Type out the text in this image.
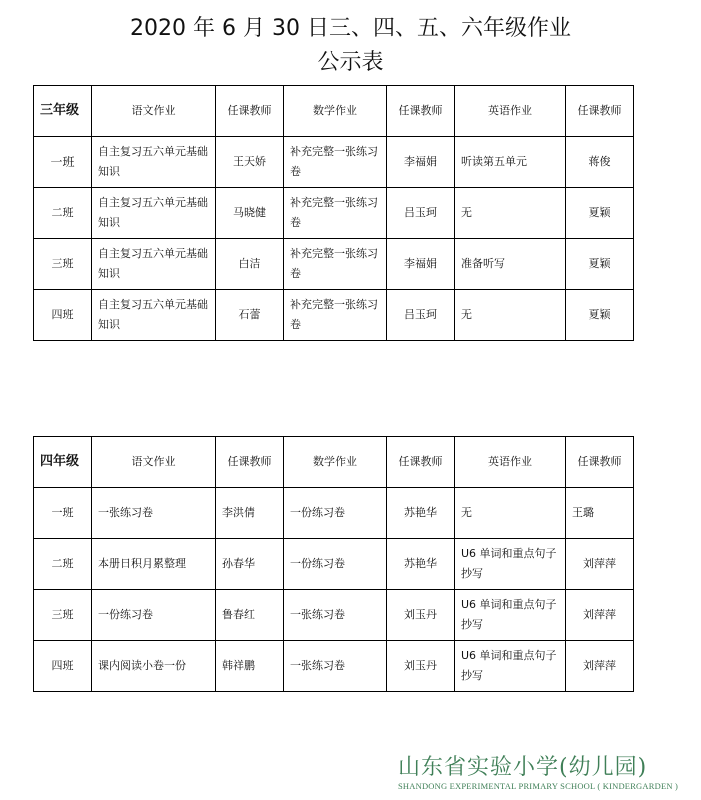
2020 年 6 月 30 日三、四、五、六年级作业
公示表
三年级	语文作业	任课教师	数学作业	任课教师	英语作业	任课教师
一班	自主复习五六单元基础知识	王天娇	补充完整一张练习卷	李福娟	听读第五单元	蒋俊
二班	自主复习五六单元基础知识	马晓健	补充完整一张练习卷	吕玉珂	无	夏颖
三班	自主复习五六单元基础知识	白洁	补充完整一张练习卷	李福娟	准备听写	夏颖
四班	自主复习五六单元基础知识	石蕾	补充完整一张练习卷	吕玉珂	无	夏颖
四年级	语文作业	任课教师	数学作业	任课教师	英语作业	任课教师
一班	一张练习卷	李洪倩	一份练习卷	苏艳华	无	王璐
二班	本册日积月累整理	孙春华	一份练习卷	苏艳华	U6 单词和重点句子抄写	刘萍萍
三班	一份练习卷	鲁春红	一张练习卷	刘玉丹	U6 单词和重点句子抄写	刘萍萍
四班	课内阅读小卷一份	韩祥鹏	一张练习卷	刘玉丹	U6 单词和重点句子抄写	刘萍萍
山东省实验小学(幼儿园)
SHANDONG EXPERIMENTAL PRIMARY SCHOOL ( KINDERGARDEN )
